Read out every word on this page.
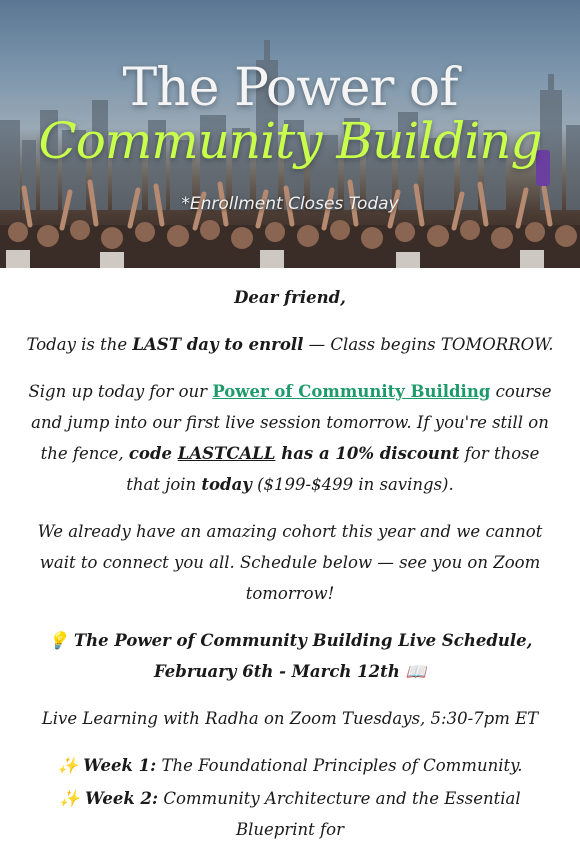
The Power of
Community Building
*Enrollment Closes Today

Dear friend,

Today is the LAST day to enroll — Class begins TOMORROW.

Sign up today for our Power of Community Building course and jump into our first live session tomorrow. If you're still on the fence, code LASTCALL has a 10% discount for those that join today ($199-$499 in savings).

We already have an amazing cohort this year and we cannot wait to connect you all. Schedule below — see you on Zoom tomorrow!

💡 The Power of Community Building Live Schedule,
February 6th - March 12th 📖

Live Learning with Radha on Zoom Tuesdays, 5:30-7pm ET

✨ Week 1: The Foundational Principles of Community.

✨ Week 2: Community Architecture and the Essential Blueprint for
